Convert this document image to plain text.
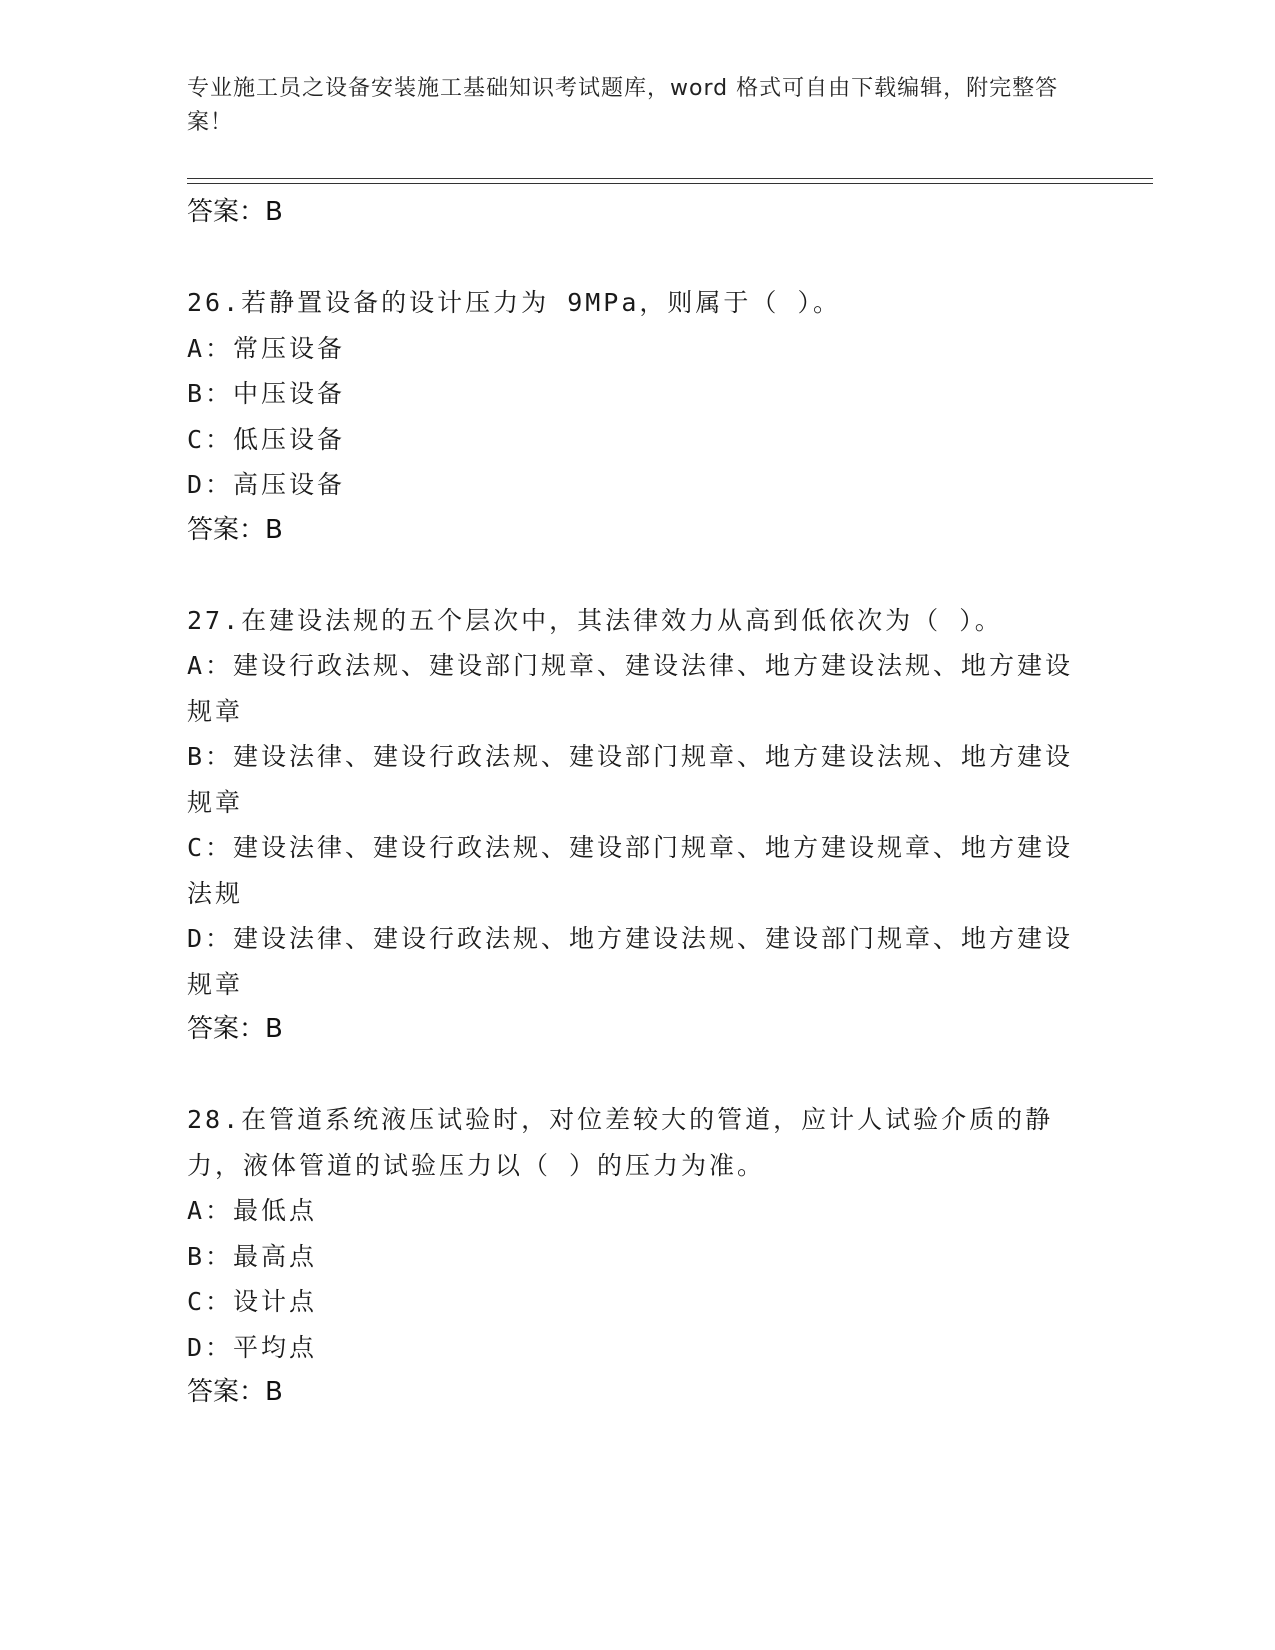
专业施工员之设备安装施工基础知识考试题库，word 格式可自由下载编辑，附完整答案！

答案：B

26.若静置设备的设计压力为 9MPa，则属于（ ）。

A：常压设备

B：中压设备

C：低压设备

D：高压设备

答案：B

27.在建设法规的五个层次中，其法律效力从高到低依次为（ ）。

A：建设行政法规、建设部门规章、建设法律、地方建设法规、地方建设规章

B：建设法律、建设行政法规、建设部门规章、地方建设法规、地方建设规章

C：建设法律、建设行政法规、建设部门规章、地方建设规章、地方建设法规

D：建设法律、建设行政法规、地方建设法规、建设部门规章、地方建设规章

答案：B

28.在管道系统液压试验时，对位差较大的管道，应计人试验介质的静力，液体管道的试验压力以（ ）的压力为准。

A：最低点

B：最高点

C：设计点

D：平均点

答案：B
